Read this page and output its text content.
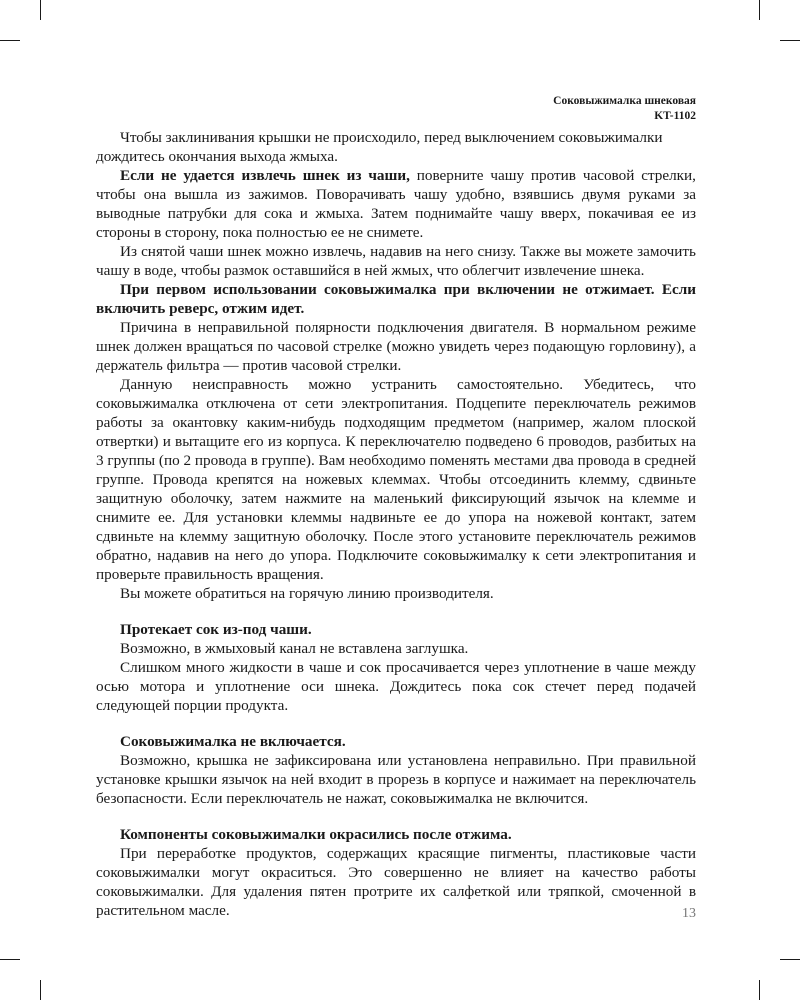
Соковыжималка шнековая
KT-1102

Чтобы заклинивания крышки не происходило, перед выключением соковыжималки

дождитесь окончания выхода жмыха.

Если не удается извлечь шнек из чаши, поверните чашу против часовой стрелки, чтобы она вышла из зажимов. Поворачивать чашу удобно, взявшись двумя руками за выводные патрубки для сока и жмыха. Затем поднимайте чашу вверх, покачивая ее из стороны в сторону, пока полностью ее не снимете.

Из снятой чаши шнек можно извлечь, надавив на него снизу. Также вы можете замочить чашу в воде, чтобы размок оставшийся в ней жмых, что облегчит извлечение шнека.

При первом использовании соковыжималка при включении не отжимает. Если включить реверс, отжим идет.

Причина в неправильной полярности подключения двигателя. В нормальном режиме шнек должен вращаться по часовой стрелке (можно увидеть через подающую горловину), а держатель фильтра — против часовой стрелки.

Данную неисправность можно устранить самостоятельно. Убедитесь, что соковыжималка отключена от сети электропитания. Подцепите переключатель режимов работы за окантовку каким-нибудь подходящим предметом (например, жалом плоской отвертки) и вытащите его из корпуса. К переключателю подведено 6 проводов, разбитых на 3 группы (по 2 провода в группе). Вам необходимо поменять местами два провода в средней группе. Провода крепятся на ножевых клеммах. Чтобы отсоединить клемму, сдвиньте защитную оболочку, затем нажмите на маленький фиксирующий язычок на клемме и снимите ее. Для установки клеммы надвиньте ее до упора на ножевой контакт, затем сдвиньте на клемму защитную оболочку. После этого установите переключатель режимов обратно, надавив на него до упора. Подключите соковыжималку к сети электропитания и проверьте правильность вращения.

Вы можете обратиться на горячую линию производителя.

Протекает сок из-под чаши.

Возможно, в жмыховый канал не вставлена заглушка.

Слишком много жидкости в чаше и сок просачивается через уплотнение в чаше между осью мотора и уплотнение оси шнека. Дождитесь пока сок стечет перед подачей следующей порции продукта.

Соковыжималка не включается.

Возможно, крышка не зафиксирована или установлена неправильно. При правильной установке крышки язычок на ней входит в прорезь в корпусе и нажимает на переключатель безопасности. Если переключатель не нажат, соковыжималка не включится.

Компоненты соковыжималки окрасились после отжима.

При переработке продуктов, содержащих красящие пигменты, пластиковые части соковыжималки могут окраситься. Это совершенно не влияет на качество работы соковыжималки. Для удаления пятен протрите их салфеткой или тряпкой, смоченной в растительном масле.	13
